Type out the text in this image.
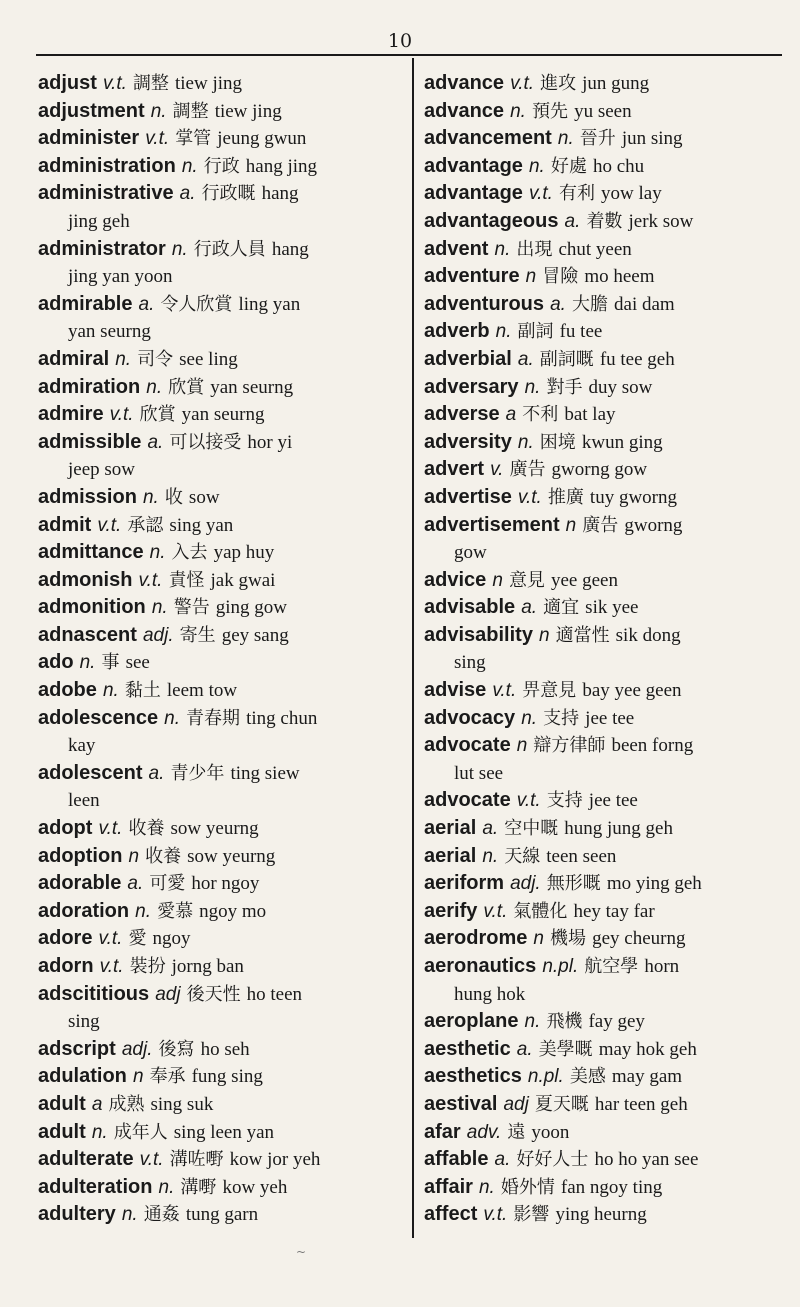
10
adjust v.t. 調整 tiew jing
adjustment n. 調整 tiew jing
administer v.t. 掌管 jeung gwun
administration n. 行政 hang jing
administrative a. 行政嘅 hang
jing geh
administrator n. 行政人員 hang
jing yan yoon
admirable a. 令人欣賞 ling yan
yan seurng
admiral n. 司令 see ling
admiration n. 欣賞 yan seurng
admire v.t. 欣賞 yan seurng
admissible a. 可以接受 hor yi
jeep sow
admission n. 收 sow
admit v.t. 承認 sing yan
admittance n. 入去 yap huy
admonish v.t. 責怪 jak gwai
admonition n. 警告 ging gow
adnascent adj. 寄生 gey sang
ado n. 事 see
adobe n. 黏土 leem tow
adolescence n. 青春期 ting chun
kay
adolescent a. 青少年 ting siew
leen
adopt v.t. 收養 sow yeurng
adoption n 收養 sow yeurng
adorable a. 可愛 hor ngoy
adoration n. 愛慕 ngoy mo
adore v.t. 愛 ngoy
adorn v.t. 裝扮 jorng ban
adscititious adj 後天性 ho teen
sing
adscript adj. 後寫 ho seh
adulation n 奉承 fung sing
adult a 成熟 sing suk
adult n. 成年人 sing leen yan
adulterate v.t. 溝咗嘢 kow jor yeh
adulteration n. 溝嘢 kow yeh
adultery n. 通姦 tung garn
advance v.t. 進攻 jun gung
advance n. 預先 yu seen
advancement n. 晉升 jun sing
advantage n. 好處 ho chu
advantage v.t. 有利 yow lay
advantageous a. 着數 jerk sow
advent n. 出現 chut yeen
adventure n 冒險 mo heem
adventurous a. 大膽 dai dam
adverb n. 副詞 fu tee
adverbial a. 副詞嘅 fu tee geh
adversary n. 對手 duy sow
adverse a 不利 bat lay
adversity n. 困境 kwun ging
advert v. 廣告 gworng gow
advertise v.t. 推廣 tuy gworng
advertisement n 廣告 gworng
gow
advice n 意見 yee geen
advisable a. 適宜 sik yee
advisability n 適當性 sik dong
sing
advise v.t. 畀意見 bay yee geen
advocacy n. 支持 jee tee
advocate n 辯方律師 been forng
lut see
advocate v.t. 支持 jee tee
aerial a. 空中嘅 hung jung geh
aerial n. 天線 teen seen
aeriform adj. 無形嘅 mo ying geh
aerify v.t. 氣體化 hey tay far
aerodrome n 機場 gey cheurng
aeronautics n.pl. 航空學 horn
hung hok
aeroplane n. 飛機 fay gey
aesthetic a. 美學嘅 may hok geh
aesthetics n.pl. 美感 may gam
aestival adj 夏天嘅 har teen geh
afar adv. 遠 yoon
affable a. 好好人士 ho ho yan see
affair n. 婚外情 fan ngoy ting
affect v.t. 影響 ying heurng
~
